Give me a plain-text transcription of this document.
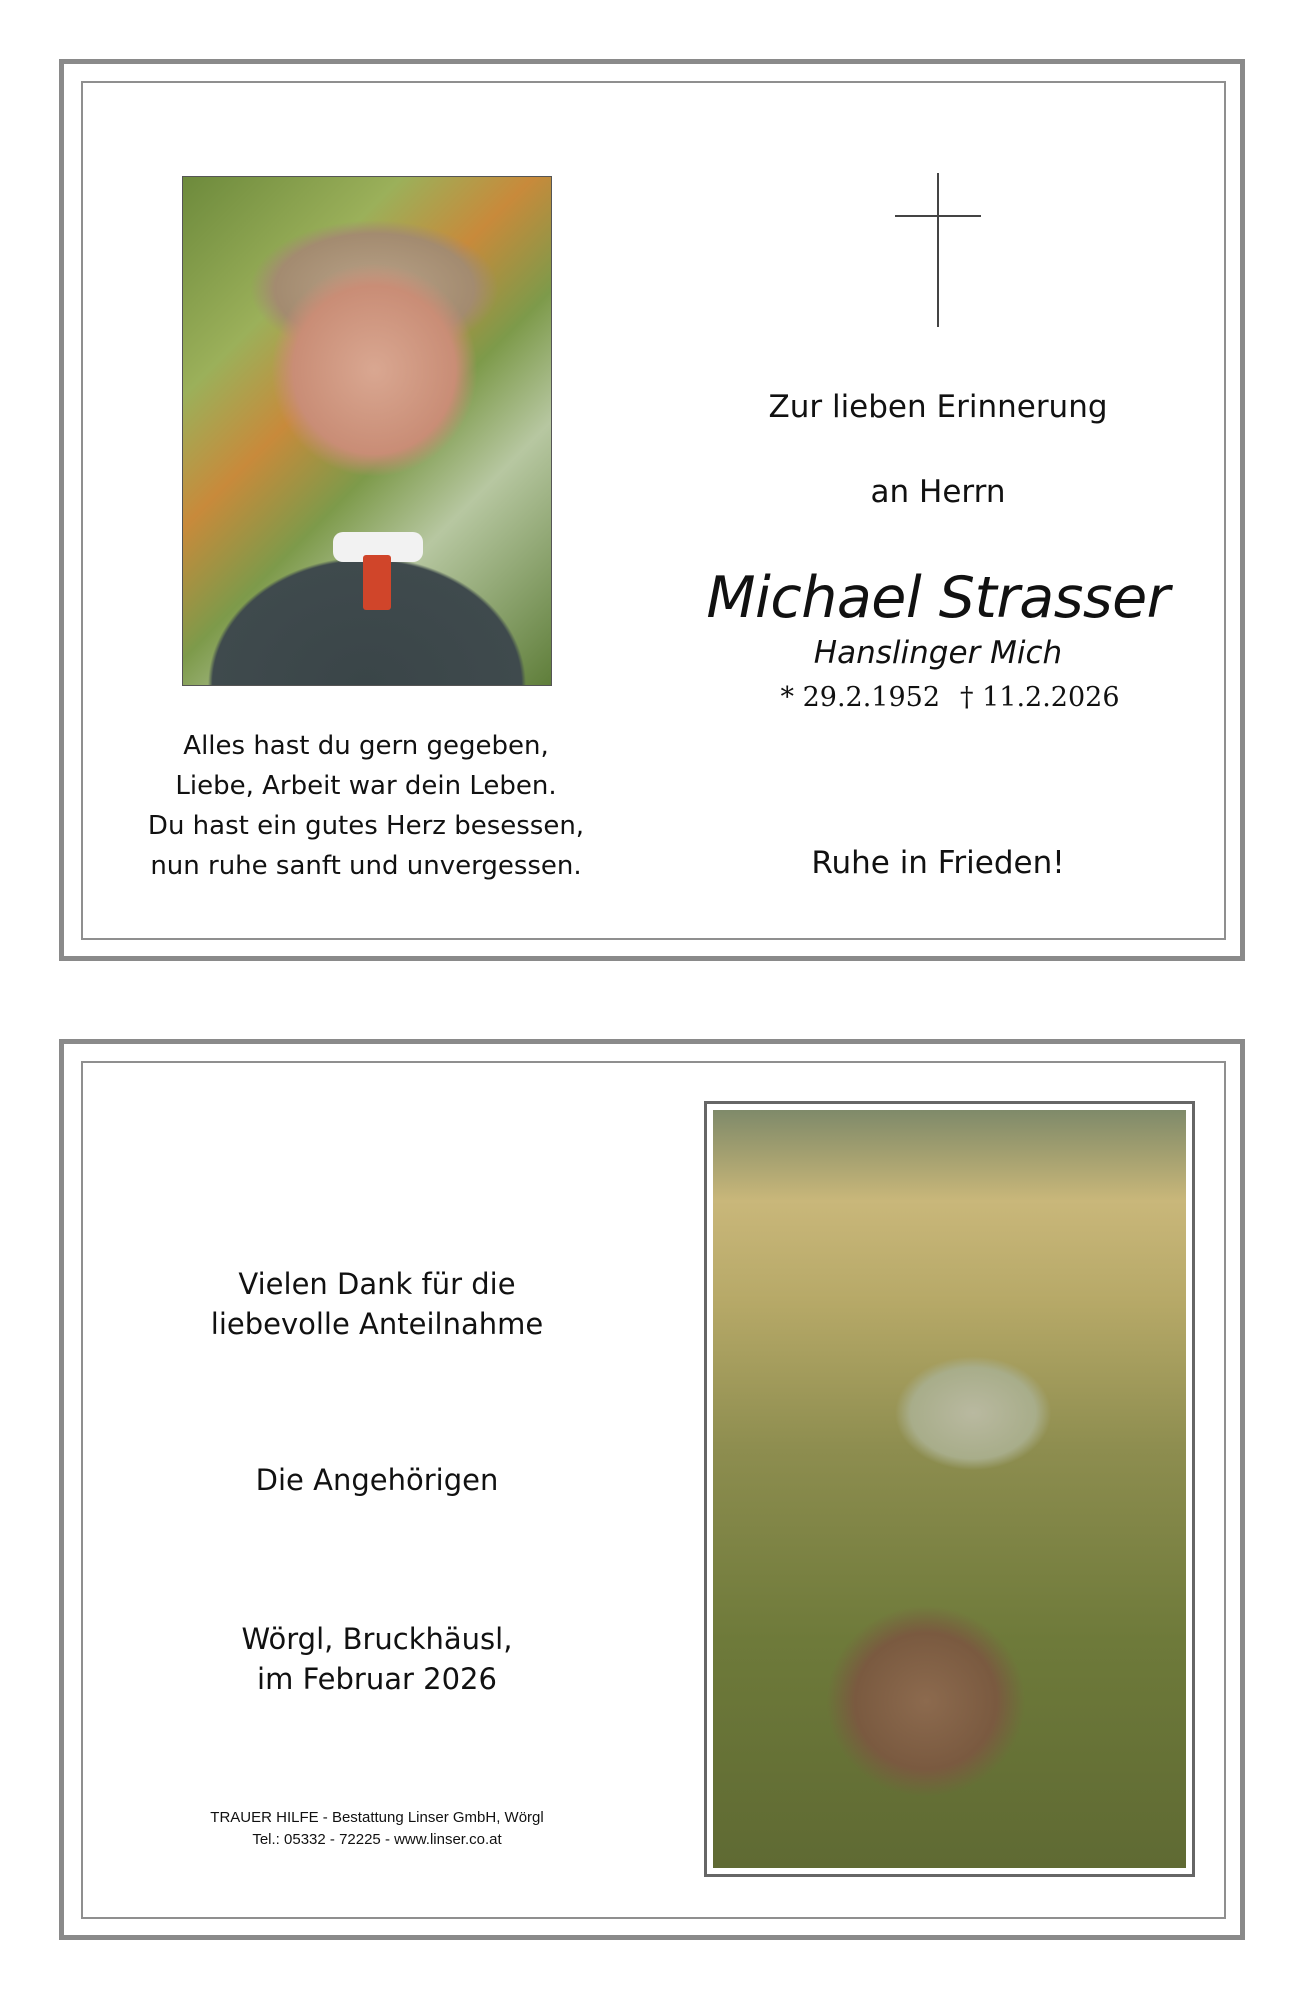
Zur lieben Erinnerung
an Herrn
Michael Strasser
Hanslinger Mich
* 29.2.1952 † 11.2.2026
Ruhe in Frieden!
Alles hast du gern gegeben,
Liebe, Arbeit war dein Leben.
Du hast ein gutes Herz besessen,
nun ruhe sanft und unvergessen.
Vielen Dank für die
liebevolle Anteilnahme
Die Angehörigen
Wörgl, Bruckhäusl,
im Februar 2026
TRAUER HILFE - Bestattung Linser GmbH, Wörgl
Tel.: 05332 - 72225 - www.linser.co.at
